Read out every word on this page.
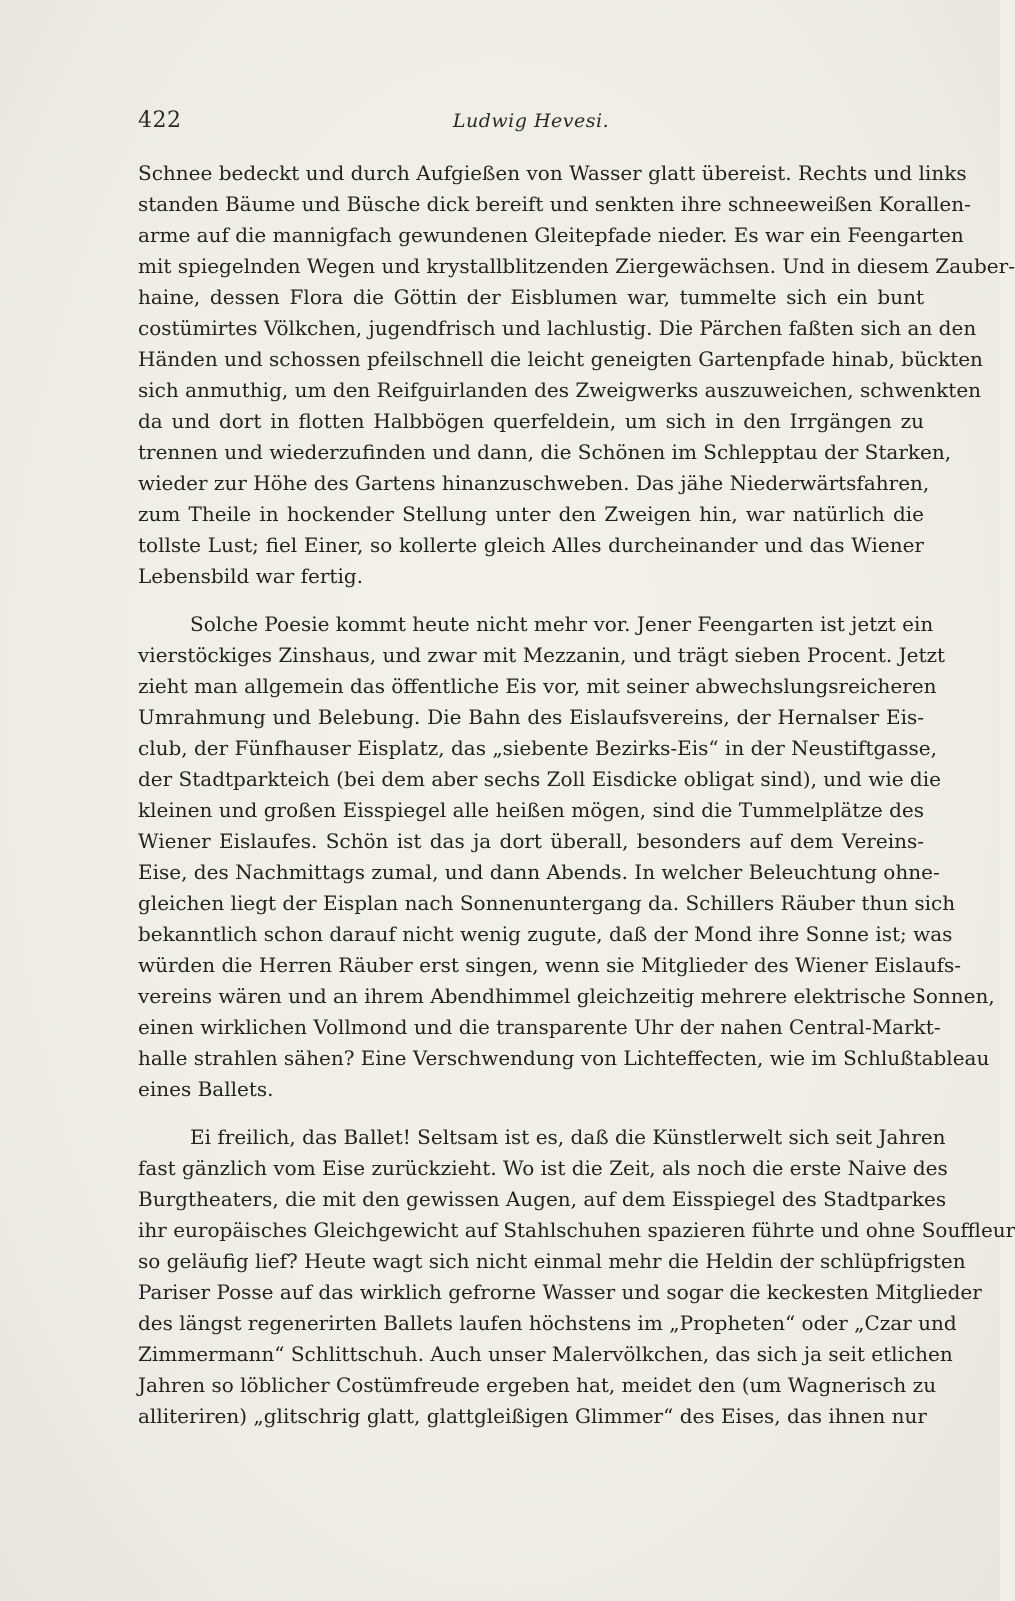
422	Ludwig Hevesi.
Schnee bedeckt und durch Aufgießen von Wasser glatt übereist. Rechts und links
standen Bäume und Büsche dick bereift und senkten ihre schneeweißen Korallen-
arme auf die mannigfach gewundenen Gleitepfade nieder. Es war ein Feengarten
mit spiegelnden Wegen und krystallblitzenden Ziergewächsen. Und in diesem Zauber-
haine, dessen Flora die Göttin der Eisblumen war, tummelte sich ein bunt
costümirtes Völkchen, jugendfrisch und lachlustig. Die Pärchen faßten sich an den
Händen und schossen pfeilschnell die leicht geneigten Gartenpfade hinab, bückten
sich anmuthig, um den Reifguirlanden des Zweigwerks auszuweichen, schwenkten
da und dort in flotten Halbbögen querfeldein, um sich in den Irrgängen zu
trennen und wiederzufinden und dann, die Schönen im Schlepptau der Starken,
wieder zur Höhe des Gartens hinanzuschweben. Das jähe Niederwärtsfahren,
zum Theile in hockender Stellung unter den Zweigen hin, war natürlich die
tollste Lust; fiel Einer, so kollerte gleich Alles durcheinander und das Wiener
Lebensbild war fertig.
Solche Poesie kommt heute nicht mehr vor. Jener Feengarten ist jetzt ein
vierstöckiges Zinshaus, und zwar mit Mezzanin, und trägt sieben Procent. Jetzt
zieht man allgemein das öffentliche Eis vor, mit seiner abwechslungsreicheren
Umrahmung und Belebung. Die Bahn des Eislaufsvereins, der Hernalser Eis-
club, der Fünfhauser Eisplatz, das „siebente Bezirks-Eis“ in der Neustiftgasse,
der Stadtparkteich (bei dem aber sechs Zoll Eisdicke obligat sind), und wie die
kleinen und großen Eisspiegel alle heißen mögen, sind die Tummelplätze des
Wiener Eislaufes. Schön ist das ja dort überall, besonders auf dem Vereins-
Eise, des Nachmittags zumal, und dann Abends. In welcher Beleuchtung ohne-
gleichen liegt der Eisplan nach Sonnenuntergang da. Schillers Räuber thun sich
bekanntlich schon darauf nicht wenig zugute, daß der Mond ihre Sonne ist; was
würden die Herren Räuber erst singen, wenn sie Mitglieder des Wiener Eislaufs-
vereins wären und an ihrem Abendhimmel gleichzeitig mehrere elektrische Sonnen,
einen wirklichen Vollmond und die transparente Uhr der nahen Central-Markt-
halle strahlen sähen? Eine Verschwendung von Lichteffecten, wie im Schlußtableau
eines Ballets.
Ei freilich, das Ballet! Seltsam ist es, daß die Künstlerwelt sich seit Jahren
fast gänzlich vom Eise zurückzieht. Wo ist die Zeit, als noch die erste Naive des
Burgtheaters, die mit den gewissen Augen, auf dem Eisspiegel des Stadtparkes
ihr europäisches Gleichgewicht auf Stahlschuhen spazieren führte und ohne Souffleur
so geläufig lief? Heute wagt sich nicht einmal mehr die Heldin der schlüpfrigsten
Pariser Posse auf das wirklich gefrorne Wasser und sogar die keckesten Mitglieder
des längst regenerirten Ballets laufen höchstens im „Propheten“ oder „Czar und
Zimmermann“ Schlittschuh. Auch unser Malervölkchen, das sich ja seit etlichen
Jahren so löblicher Costümfreude ergeben hat, meidet den (um Wagnerisch zu
alliteriren) „glitschrig glatt, glattgleißigen Glimmer“ des Eises, das ihnen nur
